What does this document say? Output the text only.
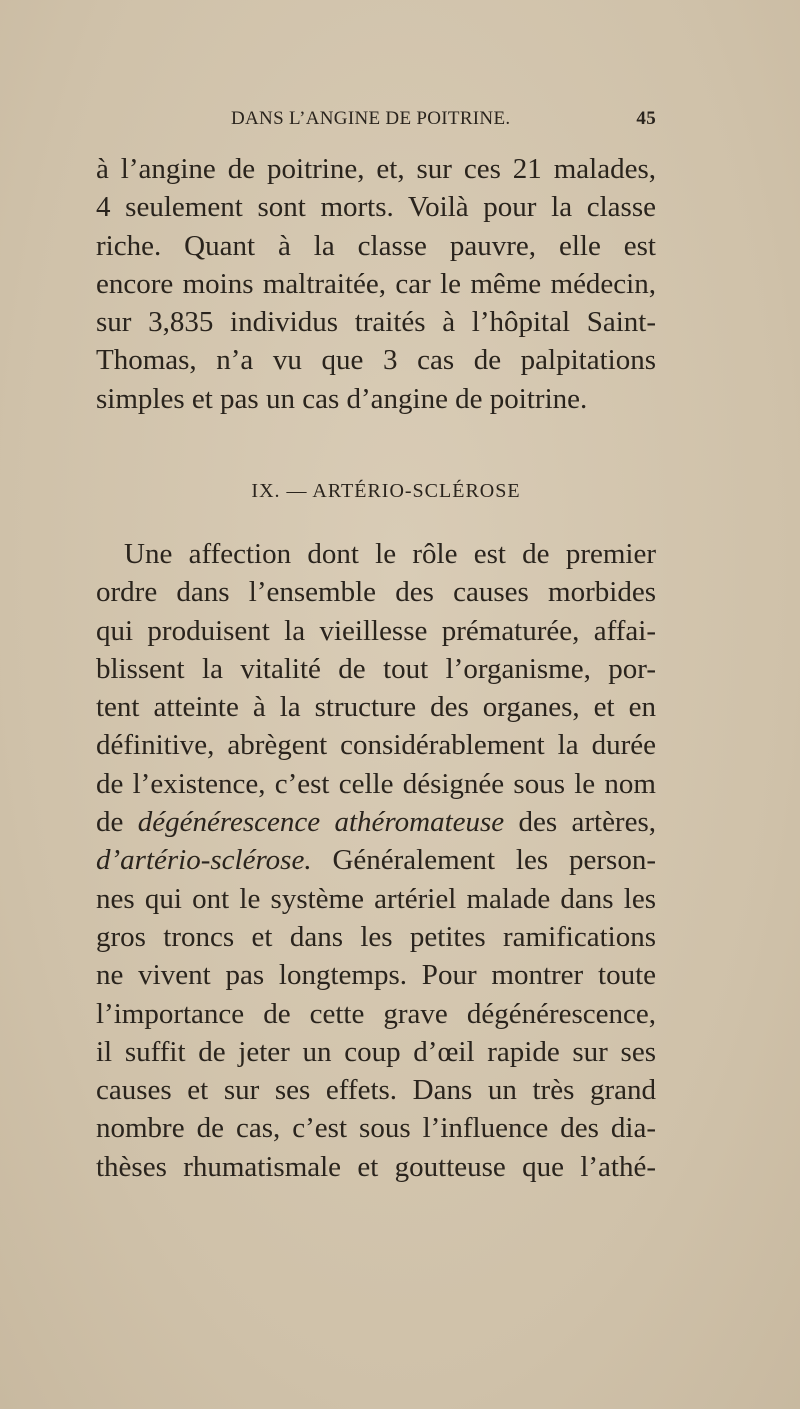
DANS L’ANGINE DE POITRINE.	45
à l’angine de poitrine, et, sur ces 21 malades,
4 seulement sont morts. Voilà pour la classe
riche. Quant à la classe pauvre, elle est
encore moins maltraitée, car le même médecin,
sur 3,835 individus traités à l’hôpital Saint-
Thomas, n’a vu que 3 cas de palpitations
simples et pas un cas d’angine de poitrine.
IX. — ARTÉRIO-SCLÉROSE
Une affection dont le rôle est de premier
ordre dans l’ensemble des causes morbides
qui produisent la vieillesse prématurée, affai-
blissent la vitalité de tout l’organisme, por-
tent atteinte à la structure des organes, et en
définitive, abrègent considérablement la durée
de l’existence, c’est celle désignée sous le nom
de dégénérescence athéromateuse des artères,
d’artério-sclérose. Généralement les person-
nes qui ont le système artériel malade dans les
gros troncs et dans les petites ramifications
ne vivent pas longtemps. Pour montrer toute
l’importance de cette grave dégénérescence,
il suffit de jeter un coup d’œil rapide sur ses
causes et sur ses effets. Dans un très grand
nombre de cas, c’est sous l’influence des dia-
thèses rhumatismale et goutteuse que l’athé-
